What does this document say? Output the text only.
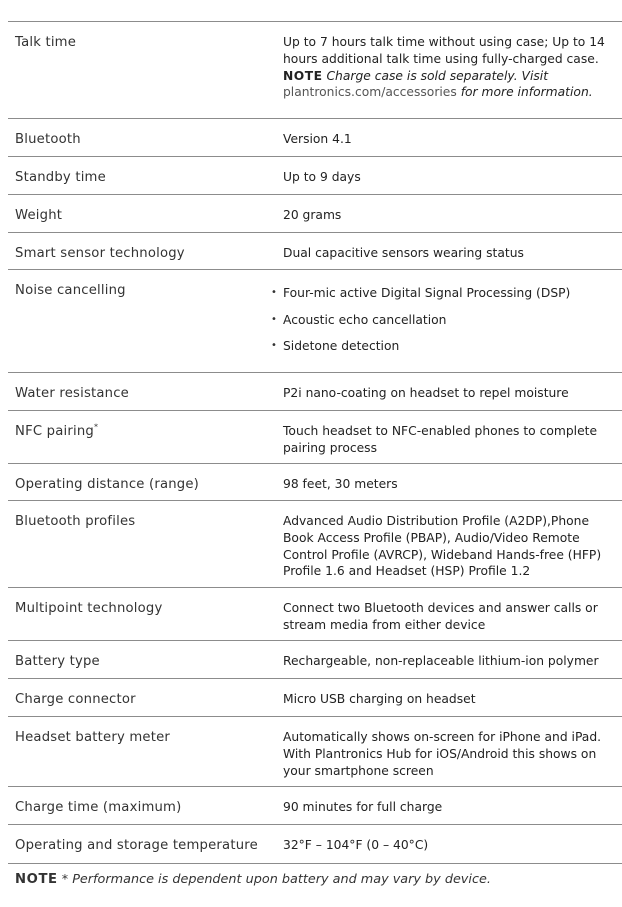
Talk time	Up to 7 hours talk time without using case; Up to 14 hours additional talk time using fully-charged case.

NOTE Charge case is sold separately. Visit plantronics.com/accessories for more information.

Bluetooth	Version 4.1
Standby time	Up to 9 days
Weight	20 grams
Smart sensor technology	Dual capacitive sensors wearing status
Noise cancelling	• Four-mic active Digital Signal Processing (DSP)
• Acoustic echo cancellation
• Sidetone detection
Water resistance	P2i nano-coating on headset to repel moisture
NFC pairing*	Touch headset to NFC-enabled phones to complete pairing process
Operating distance (range)	98 feet, 30 meters
Bluetooth profiles	Advanced Audio Distribution Profile (A2DP),Phone Book Access Profile (PBAP), Audio/Video Remote Control Profile (AVRCP), Wideband Hands-free (HFP) Profile 1.6 and Headset (HSP) Profile 1.2
Multipoint technology	Connect two Bluetooth devices and answer calls or stream media from either device
Battery type	Rechargeable, non-replaceable lithium-ion polymer
Charge connector	Micro USB charging on headset
Headset battery meter	Automatically shows on-screen for iPhone and iPad. With Plantronics Hub for iOS/Android this shows on your smartphone screen
Charge time (maximum)	90 minutes for full charge
Operating and storage temperature	32°F – 104°F (0 – 40°C)
NOTE * Performance is dependent upon battery and may vary by device.
